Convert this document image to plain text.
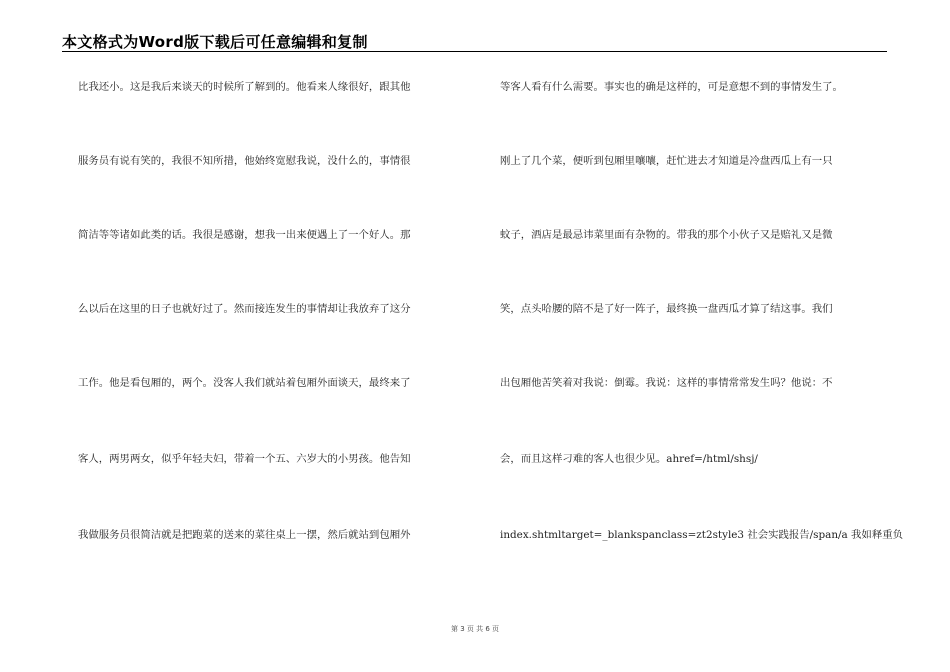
本文格式为Word版下载后可任意编辑和复制
比我还小。这是我后来谈天的时候所了解到的。他看来人缘很好，跟其他
服务员有说有笑的，我很不知所措，他始终宽慰我说，没什么的，事情很
简洁等等诸如此类的话。我很是感谢，想我一出来便遇上了一个好人。那
么以后在这里的日子也就好过了。然而接连发生的事情却让我放弃了这分
工作。他是看包厢的，两个。没客人我们就站着包厢外面谈天，最终来了
客人，两男两女，似乎年轻夫妇，带着一个五、六岁大的小男孩。他告知
我做服务员很简洁就是把跑菜的送来的菜往桌上一摆，然后就站到包厢外
等客人看有什么需要。事实也的确是这样的，可是意想不到的事情发生了。
刚上了几个菜，便听到包厢里嚷嚷，赶忙进去才知道是冷盘西瓜上有一只
蚊子，酒店是最忌讳菜里面有杂物的。带我的那个小伙子又是赔礼又是微
笑，点头哈腰的陪不是了好一阵子，最终换一盘西瓜才算了结这事。我们
出包厢他苦笑着对我说：倒霉。我说：这样的事情常常发生吗？他说：不
会，而且这样刁难的客人也很少见。ahref=/html/shsj/
index.shtmltarget=_blankspanclass=zt2style3 社会实践报告/span/a 我如释重负
第 3 页 共 6 页
